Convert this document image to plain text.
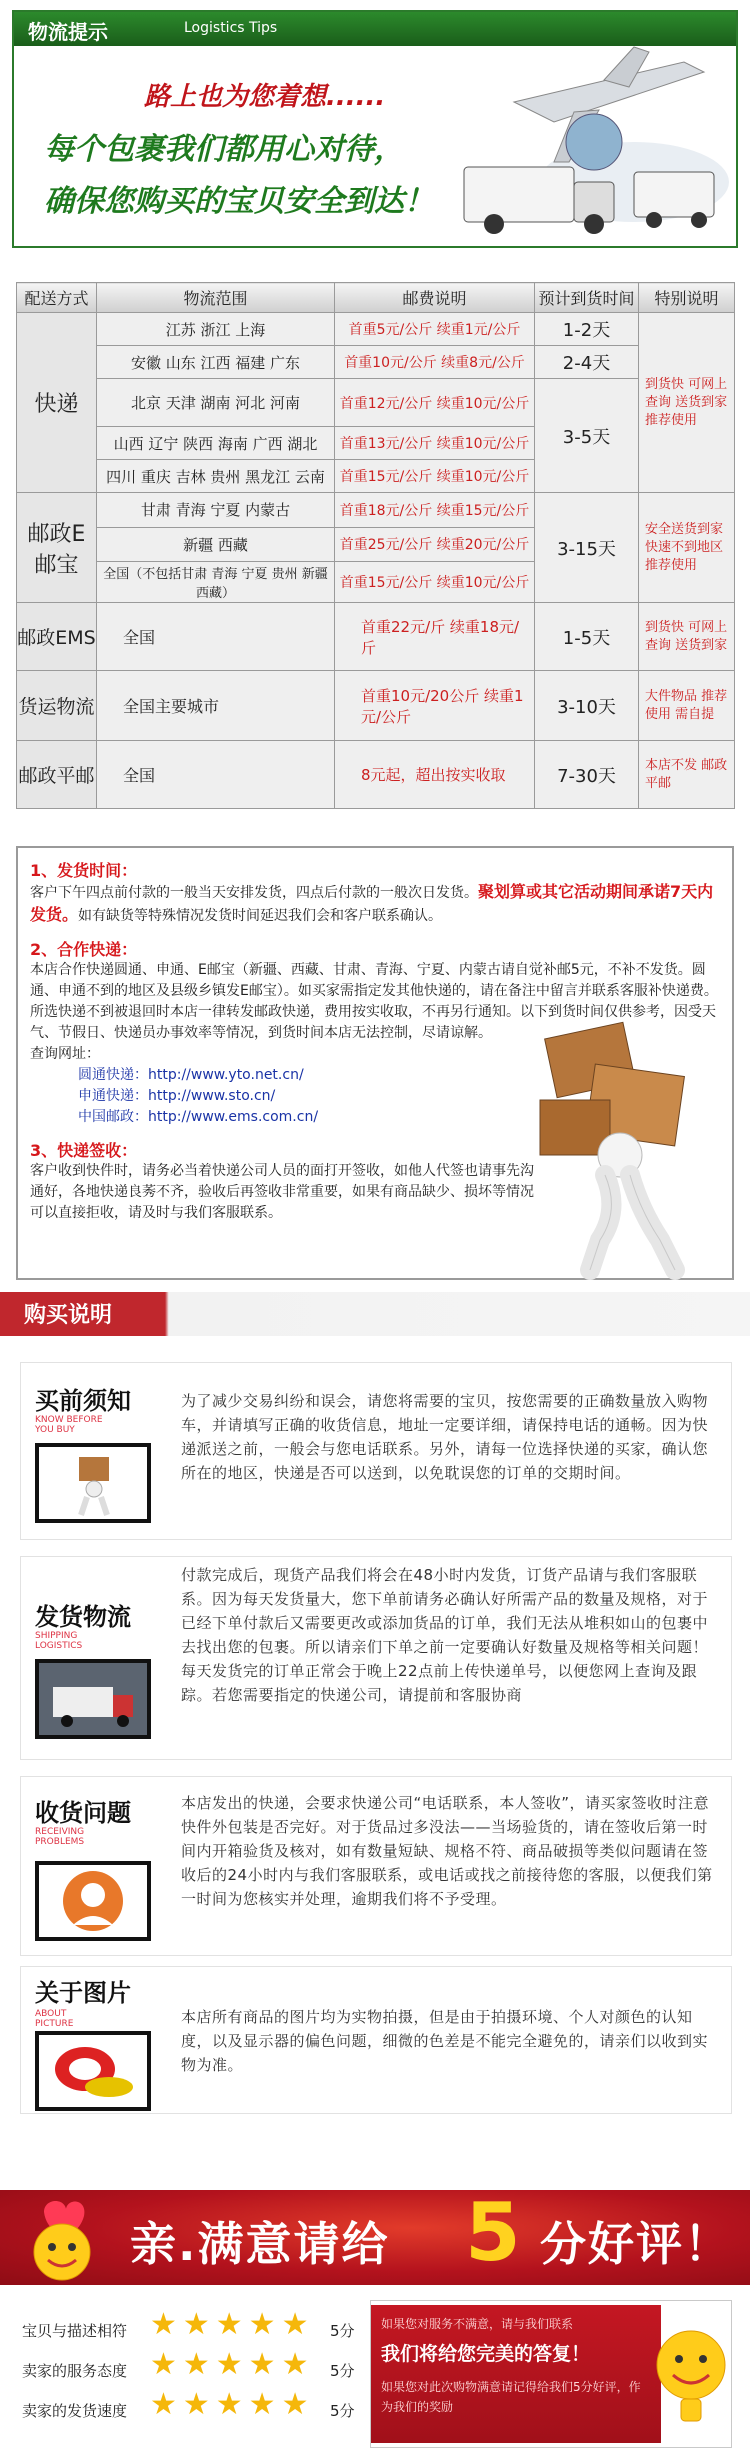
物流提示	Logistics Tips
路上也为您着想......
每个包裹我们都用心对待，
确保您购买的宝贝安全到达！
配送方式	物流范围	邮费说明	预计到货时间	特别说明
快递	江苏 浙江 上海	首重5元/公斤 续重1元/公斤	1-2天	到货快 可网上查询 送货到家 推荐使用
	安徽 山东 江西 福建 广东	首重10元/公斤 续重8元/公斤	2-4天	
	北京 天津 湖南 河北 河南	首重12元/公斤 续重10元/公斤	3-5天	
	山西 辽宁 陕西 海南 广西 湖北	首重13元/公斤 续重10元/公斤		
	四川 重庆 吉林 贵州 黑龙江 云南	首重15元/公斤 续重10元/公斤		
邮政E邮宝	甘肃 青海 宁夏 内蒙古	首重18元/公斤 续重15元/公斤	3-15天	安全送货到家 快速不到地区 推荐使用
	新疆 西藏	首重25元/公斤 续重20元/公斤		
	全国（不包括甘肃 青海 宁夏 贵州 新疆 西藏）	首重15元/公斤 续重10元/公斤		
邮政EMS	全国	首重22元/斤 续重18元/斤	1-5天	到货快 可网上查询 送货到家
货运物流	全国主要城市	首重10元/20公斤 续重1元/公斤	3-10天	大件物品 推荐使用 需自提
邮政平邮	全国	8元起，超出按实收取	7-30天	本店不发 邮政平邮
1、发货时间：
客户下午四点前付款的一般当天安排发货，四点后付款的一般次日发货。聚划算或其它活动期间承诺7天内发货。如有缺货等特殊情况发货时间延迟我们会和客户联系确认。
2、合作快递：
本店合作快递圆通、申通、E邮宝（新疆、西藏、甘肃、青海、宁夏、内蒙古请自觉补邮5元，不补不发货。圆通、申通不到的地区及县级乡镇发E邮宝）。如买家需指定发其他快递的，请在备注中留言并联系客服补快递费。所选快递不到被退回时本店一律转发邮政快递，费用按实收取，不再另行通知。以下到货时间仅供参考，因受天气、节假日、快递员办事效率等情况，到货时间本店无法控制，尽请谅解。
查询网址：
圆通快递：http://www.yto.net.cn/
申通快递：http://www.sto.cn/
中国邮政：http://www.ems.com.cn/
3、快递签收：
客户收到快件时，请务必当着快递公司人员的面打开签收，如他人代签也请事先沟通好，各地快递良莠不齐，验收后再签收非常重要，如果有商品缺少、损坏等情况可以直接拒收，请及时与我们客服联系。
购买说明
买前须知
KNOW BEFORE YOU BUY
为了减少交易纠纷和误会，请您将需要的宝贝，按您需要的正确数量放入购物车，并请填写正确的收货信息，地址一定要详细，请保持电话的通畅。因为快递派送之前，一般会与您电话联系。另外，请每一位选择快递的买家，确认您所在的地区，快递是否可以送到，以免耽误您的订单的交期时间。
发货物流
SHIPPING LOGISTICS
付款完成后，现货产品我们将会在48小时内发货，订货产品请与我们客服联系。因为每天发货量大，您下单前请务必确认好所需产品的数量及规格，对于已经下单付款后又需要更改或添加货品的订单，我们无法从堆积如山的包裹中去找出您的包裹。所以请亲们下单之前一定要确认好数量及规格等相关问题！每天发货完的订单正常会于晚上22点前上传快递单号，以便您网上查询及跟踪。若您需要指定的快递公司，请提前和客服协商
收货问题
RECEIVING PROBLEMS
本店发出的快递，会要求快递公司“电话联系，本人签收”，请买家签收时注意快件外包装是否完好。对于货品过多没法——当场验货的，请在签收后第一时间内开箱验货及核对，如有数量短缺、规格不符、商品破损等类似问题请在签收后的24小时内与我们客服联系，或电话或找之前接待您的客服，以便我们第一时间为您核实并处理，逾期我们将不予受理。
关于图片
ABOUT PICTURE	本店所有商品的图片均为实物拍摄，但是由于拍摄环境、个人对颜色的认知度，以及显示器的偏色问题，细微的色差是不能完全避免的，请亲们以收到实物为准。
亲.满意请给 5 分好评！
宝贝与描述相符 ★★★★★ 5分
卖家的服务态度 ★★★★★ 5分
卖家的发货速度 ★★★★★ 5分
如果您对服务不满意，请与我们联系
我们将给您完美的答复！
如果您对此次购物满意请记得给我们5分好评，作为我们的奖励
